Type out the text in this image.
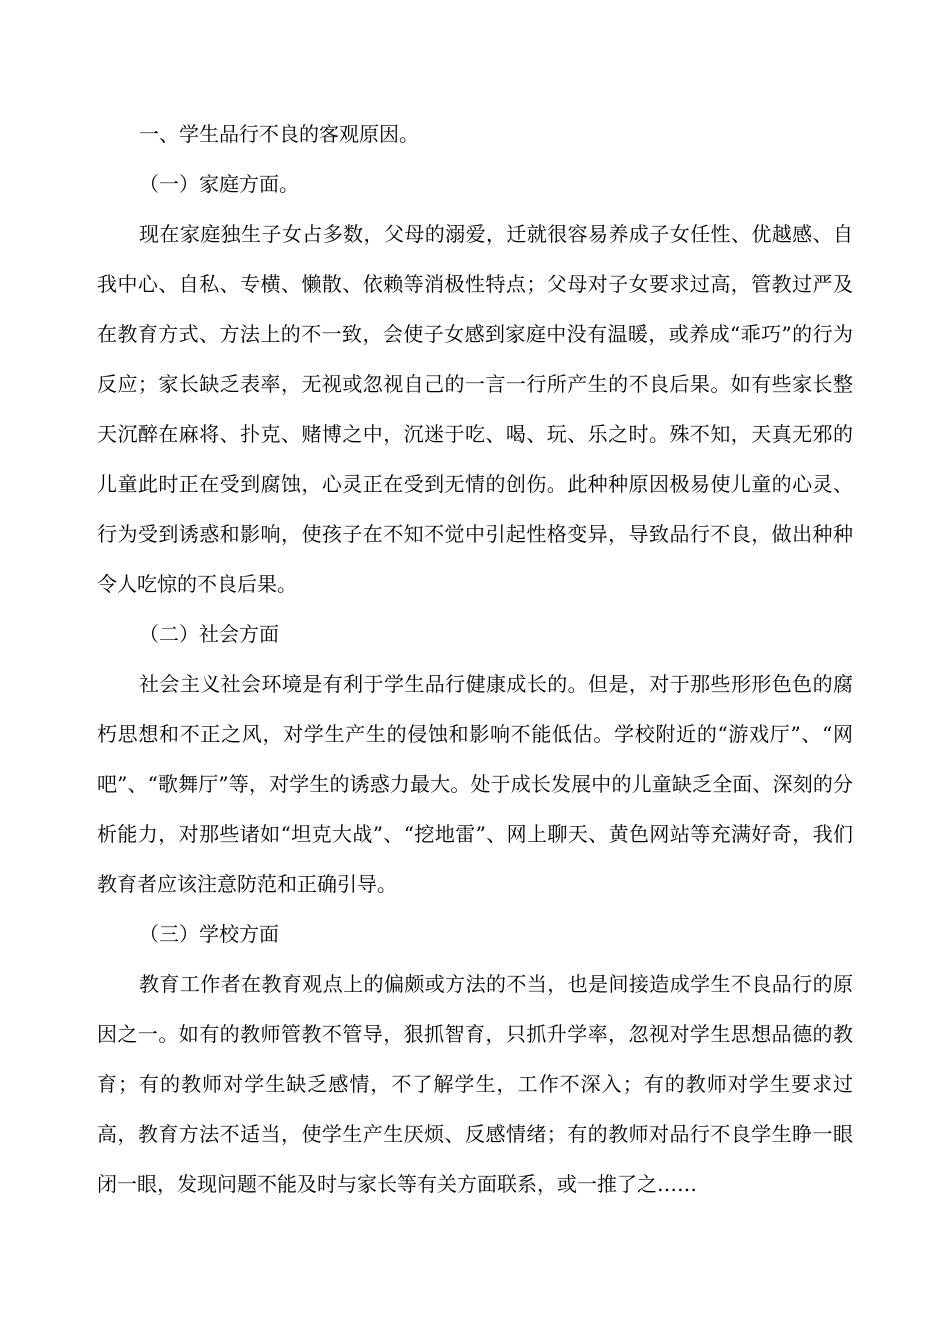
一、学生品行不良的客观原因。

（一）家庭方面。

现在家庭独生子女占多数，父母的溺爱，迁就很容易养成子女任性、优越感、自我中心、自私、专横、懒散、依赖等消极性特点；父母对子女要求过高，管教过严及在教育方式、方法上的不一致，会使子女感到家庭中没有温暖，或养成“乖巧”的行为反应；家长缺乏表率，无视或忽视自己的一言一行所产生的不良后果。如有些家长整天沉醉在麻将、扑克、赌博之中，沉迷于吃、喝、玩、乐之时。殊不知，天真无邪的儿童此时正在受到腐蚀，心灵正在受到无情的创伤。此种种原因极易使儿童的心灵、行为受到诱惑和影响，使孩子在不知不觉中引起性格变异，导致品行不良，做出种种令人吃惊的不良后果。

（二）社会方面

社会主义社会环境是有利于学生品行健康成长的。但是，对于那些形形色色的腐朽思想和不正之风，对学生产生的侵蚀和影响不能低估。学校附近的“游戏厅”、“网吧”、“歌舞厅”等，对学生的诱惑力最大。处于成长发展中的儿童缺乏全面、深刻的分析能力，对那些诸如“坦克大战”、“挖地雷”、网上聊天、黄色网站等充满好奇，我们教育者应该注意防范和正确引导。

（三）学校方面

教育工作者在教育观点上的偏颇或方法的不当，也是间接造成学生不良品行的原因之一。如有的教师管教不管导，狠抓智育，只抓升学率，忽视对学生思想品德的教育；有的教师对学生缺乏感情，不了解学生，工作不深入；有的教师对学生要求过高，教育方法不适当，使学生产生厌烦、反感情绪；有的教师对品行不良学生睁一眼闭一眼，发现问题不能及时与家长等有关方面联系，或一推了之……
